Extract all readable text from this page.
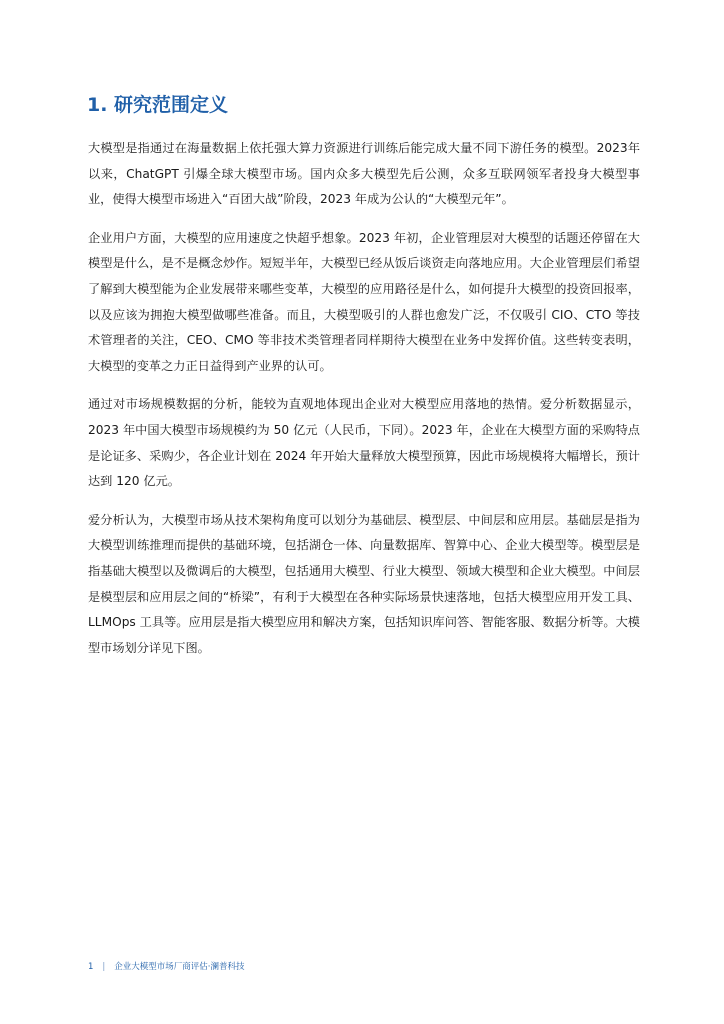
1. 研究范围定义

大模型是指通过在海量数据上依托强大算力资源进行训练后能完成大量不同下游任务的模型。2023年以来，ChatGPT 引爆全球大模型市场。国内众多大模型先后公测，众多互联网领军者投身大模型事业，使得大模型市场进入“百团大战”阶段，2023 年成为公认的“大模型元年”。

企业用户方面，大模型的应用速度之快超乎想象。2023 年初，企业管理层对大模型的话题还停留在大模型是什么，是不是概念炒作。短短半年，大模型已经从饭后谈资走向落地应用。大企业管理层们希望了解到大模型能为企业发展带来哪些变革，大模型的应用路径是什么，如何提升大模型的投资回报率，以及应该为拥抱大模型做哪些准备。而且，大模型吸引的人群也愈发广泛，不仅吸引 CIO、CTO 等技术管理者的关注，CEO、CMO 等非技术类管理者同样期待大模型在业务中发挥价值。这些转变表明，大模型的变革之力正日益得到产业界的认可。

通过对市场规模数据的分析，能较为直观地体现出企业对大模型应用落地的热情。爱分析数据显示，2023 年中国大模型市场规模约为 50 亿元（人民币，下同）。2023 年，企业在大模型方面的采购特点是论证多、采购少，各企业计划在 2024 年开始大量释放大模型预算，因此市场规模将大幅增长，预计达到 120 亿元。

爱分析认为，大模型市场从技术架构角度可以划分为基础层、模型层、中间层和应用层。基础层是指为大模型训练推理而提供的基础环境，包括湖仓一体、向量数据库、智算中心、企业大模型等。模型层是指基础大模型以及微调后的大模型，包括通用大模型、行业大模型、领域大模型和企业大模型。中间层是模型层和应用层之间的“桥梁”，有利于大模型在各种实际场景快速落地，包括大模型应用开发工具、LLMOps 工具等。应用层是指大模型应用和解决方案，包括知识库问答、智能客服、数据分析等。大模型市场划分详见下图。

1 | 企业大模型市场厂商评估·澜普科技
